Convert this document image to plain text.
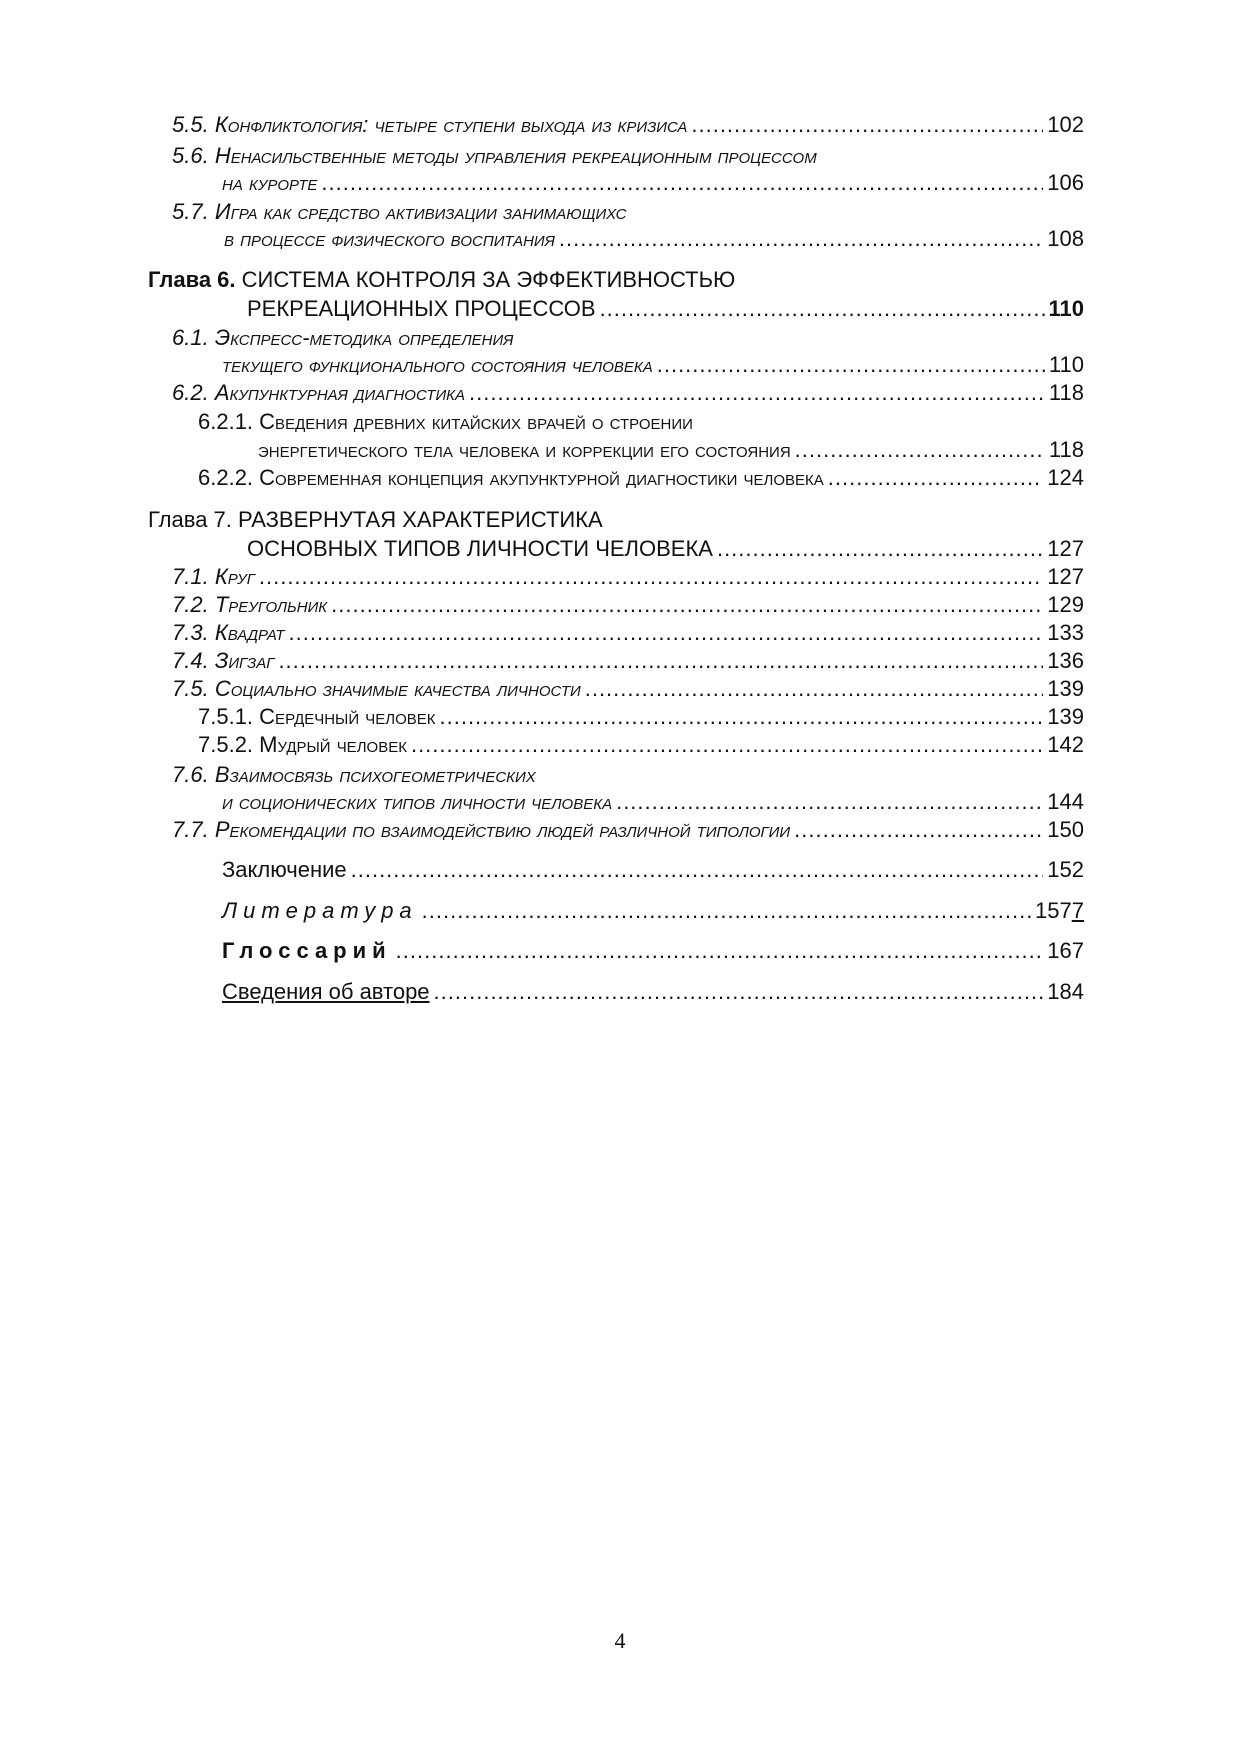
5.5. Конфликтология: четыре ступени выхода из кризиса .....	102
5.6. Ненасильственные методы управления рекреационным процессом
на курорте .....	106
5.7. Игра как средство активизации занимающихс
в процессе физического воспитания .....	108
Глава 6. СИСТЕМА КОНТРОЛЯ ЗА ЭФФЕКТИВНОСТЬЮ
РЕКРЕАЦИОННЫХ ПРОЦЕССОВ .....	110
6.1. Экспресс-методика определения
текущего функционального состояния человека .....	110
6.2. Акупунктурная диагностика .....	118
6.2.1. Сведения древних китайских врачей о строении
энергетического тела человека и коррекции его состояния .....	118
6.2.2. Современная концепция акупунктурной диагностики человека .....	124
Глава 7. РАЗВЕРНУТАЯ ХАРАКТЕРИСТИКА
ОСНОВНЫХ ТИПОВ ЛИЧНОСТИ ЧЕЛОВЕКА .....	127
7.1. Круг .....	127
7.2. Треугольник .....	129
7.3. Квадрат .....	133
7.4. Зигзаг .....	136
7.5. Социально значимые качества личности .....	139
7.5.1. Сердечный человек .....	139
7.5.2. Мудрый человек .....	142
7.6. Взаимосвязь психогеометрических
и соционических типов личности человека .....	144
7.7. Рекомендации по взаимодействию людей различной типологии .....	150
Заключение .....	152
Литература .....	1577
Глоссарий .....	167
Сведения об авторе .....	184
4
